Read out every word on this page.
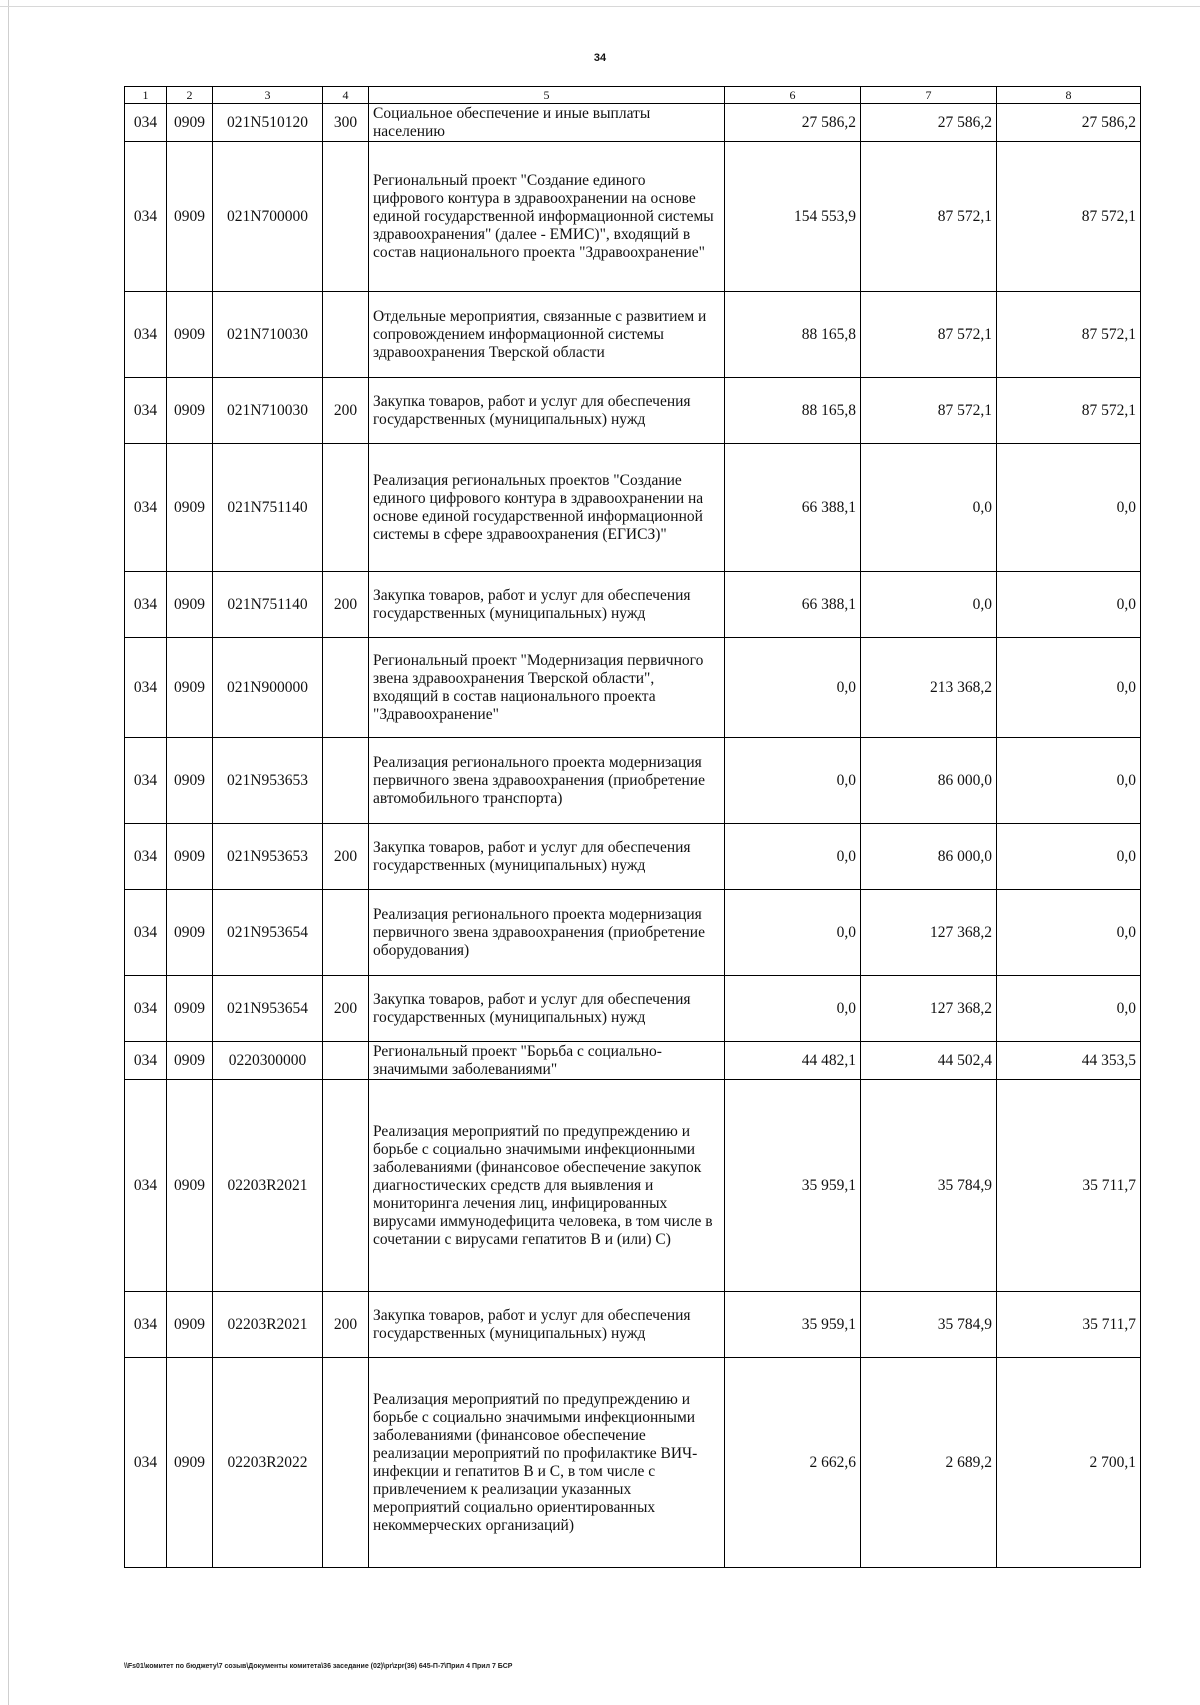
34
1	2	3	4	5	6	7	8
034	0909	021N510120	300	Социальное обеспечение и иные выплаты населению	27 586,2	27 586,2	27 586,2
034	0909	021N700000		Региональный проект "Создание единого цифрового контура в здравоохранении на основе единой государственной информационной системы здравоохранения" (далее - ЕМИС)", входящий в состав национального проекта "Здравоохранение"	154 553,9	87 572,1	87 572,1
034	0909	021N710030		Отдельные мероприятия, связанные с развитием и сопровождением информационной системы здравоохранения Тверской области	88 165,8	87 572,1	87 572,1
034	0909	021N710030	200	Закупка товаров, работ и услуг для обеспечения государственных (муниципальных) нужд	88 165,8	87 572,1	87 572,1
034	0909	021N751140		Реализация региональных проектов "Создание единого цифрового контура в здравоохранении на основе единой государственной информационной системы в сфере здравоохранения (ЕГИСЗ)"	66 388,1	0,0	0,0
034	0909	021N751140	200	Закупка товаров, работ и услуг для обеспечения государственных (муниципальных) нужд	66 388,1	0,0	0,0
034	0909	021N900000		Региональный проект "Модернизация первичного звена здравоохранения Тверской области", входящий в состав национального проекта "Здравоохранение"	0,0	213 368,2	0,0
034	0909	021N953653		Реализация регионального проекта модернизация первичного звена здравоохранения (приобретение автомобильного транспорта)	0,0	86 000,0	0,0
034	0909	021N953653	200	Закупка товаров, работ и услуг для обеспечения государственных (муниципальных) нужд	0,0	86 000,0	0,0
034	0909	021N953654		Реализация регионального проекта модернизация первичного звена здравоохранения (приобретение оборудования)	0,0	127 368,2	0,0
034	0909	021N953654	200	Закупка товаров, работ и услуг для обеспечения государственных (муниципальных) нужд	0,0	127 368,2	0,0
034	0909	0220300000		Региональный проект "Борьба с социально-значимыми заболеваниями"	44 482,1	44 502,4	44 353,5
034	0909	02203R2021		Реализация мероприятий по предупреждению и борьбе с социально значимыми инфекционными заболеваниями (финансовое обеспечение закупок диагностических средств для выявления и мониторинга лечения лиц, инфицированных вирусами иммунодефицита человека, в том числе в сочетании с вирусами гепатитов B и (или) C)	35 959,1	35 784,9	35 711,7
034	0909	02203R2021	200	Закупка товаров, работ и услуг для обеспечения государственных (муниципальных) нужд	35 959,1	35 784,9	35 711,7
034	0909	02203R2022		Реализация мероприятий по предупреждению и борьбе с социально значимыми инфекционными заболеваниями (финансовое обеспечение реализации мероприятий по профилактике ВИЧ-инфекции и гепатитов B и C, в том числе с привлечением к реализации указанных мероприятий социально ориентированных некоммерческих организаций)	2 662,6	2 689,2	2 700,1
\\Fs01\комитет по бюджету\7 созыв\Документы комитета\36 заседание (02)\pr\zpr(36) 645-П-7\Прил 4 Прил 7 БСР
